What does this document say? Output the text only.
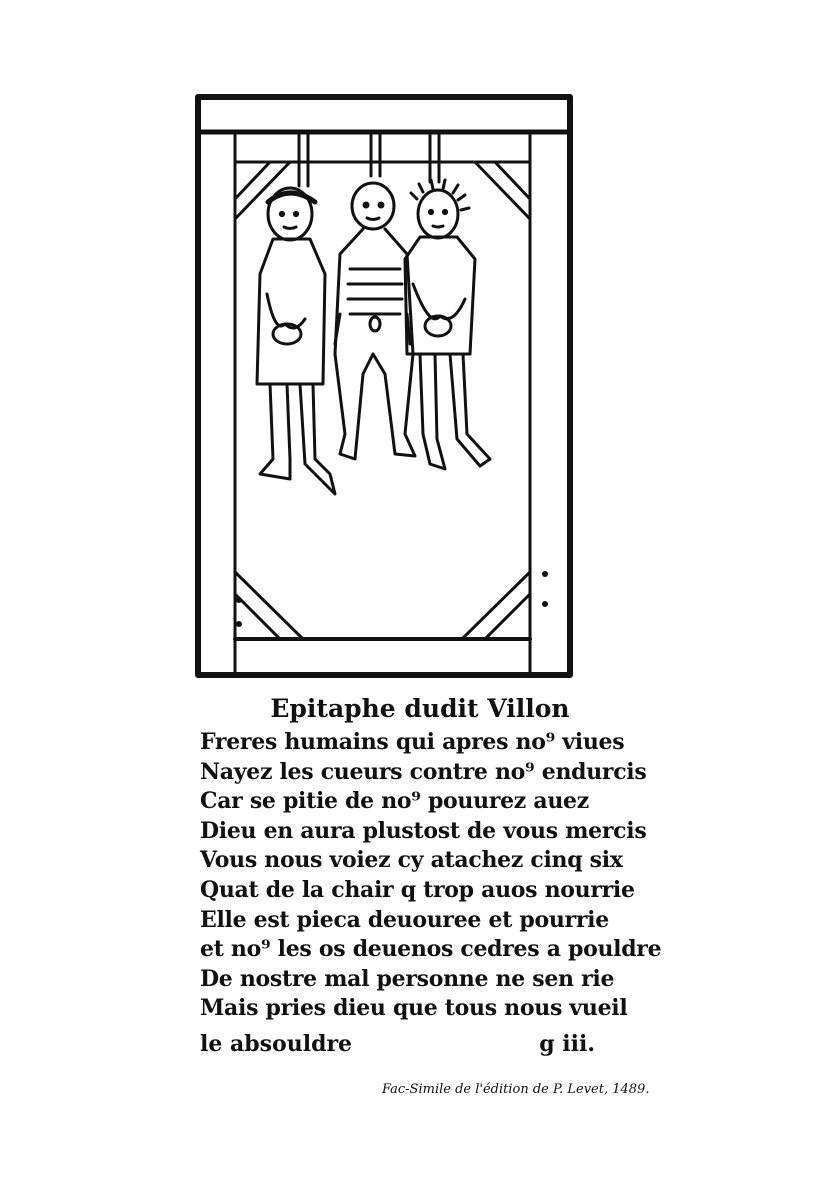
Epitaphe dudit Villon
Freres humains qui apres no⁹ viues
Nayez les cueurs contre no⁹ endurcis
Car se pitie de no⁹ pouurez auez
Dieu en aura plustost de vous mercis
Vous nous voiez cy atachez cinq six
Quat de la chair q trop auos nourrie
Elle est pieca deuouree et pourrie
et no⁹ les os deuenos cedres a pouldre
De nostre mal personne ne sen rie
Mais pries dieu que tous nous vueil
le absouldre	g iii.
Fac-Simile de l'édition de P. Levet, 1489.
